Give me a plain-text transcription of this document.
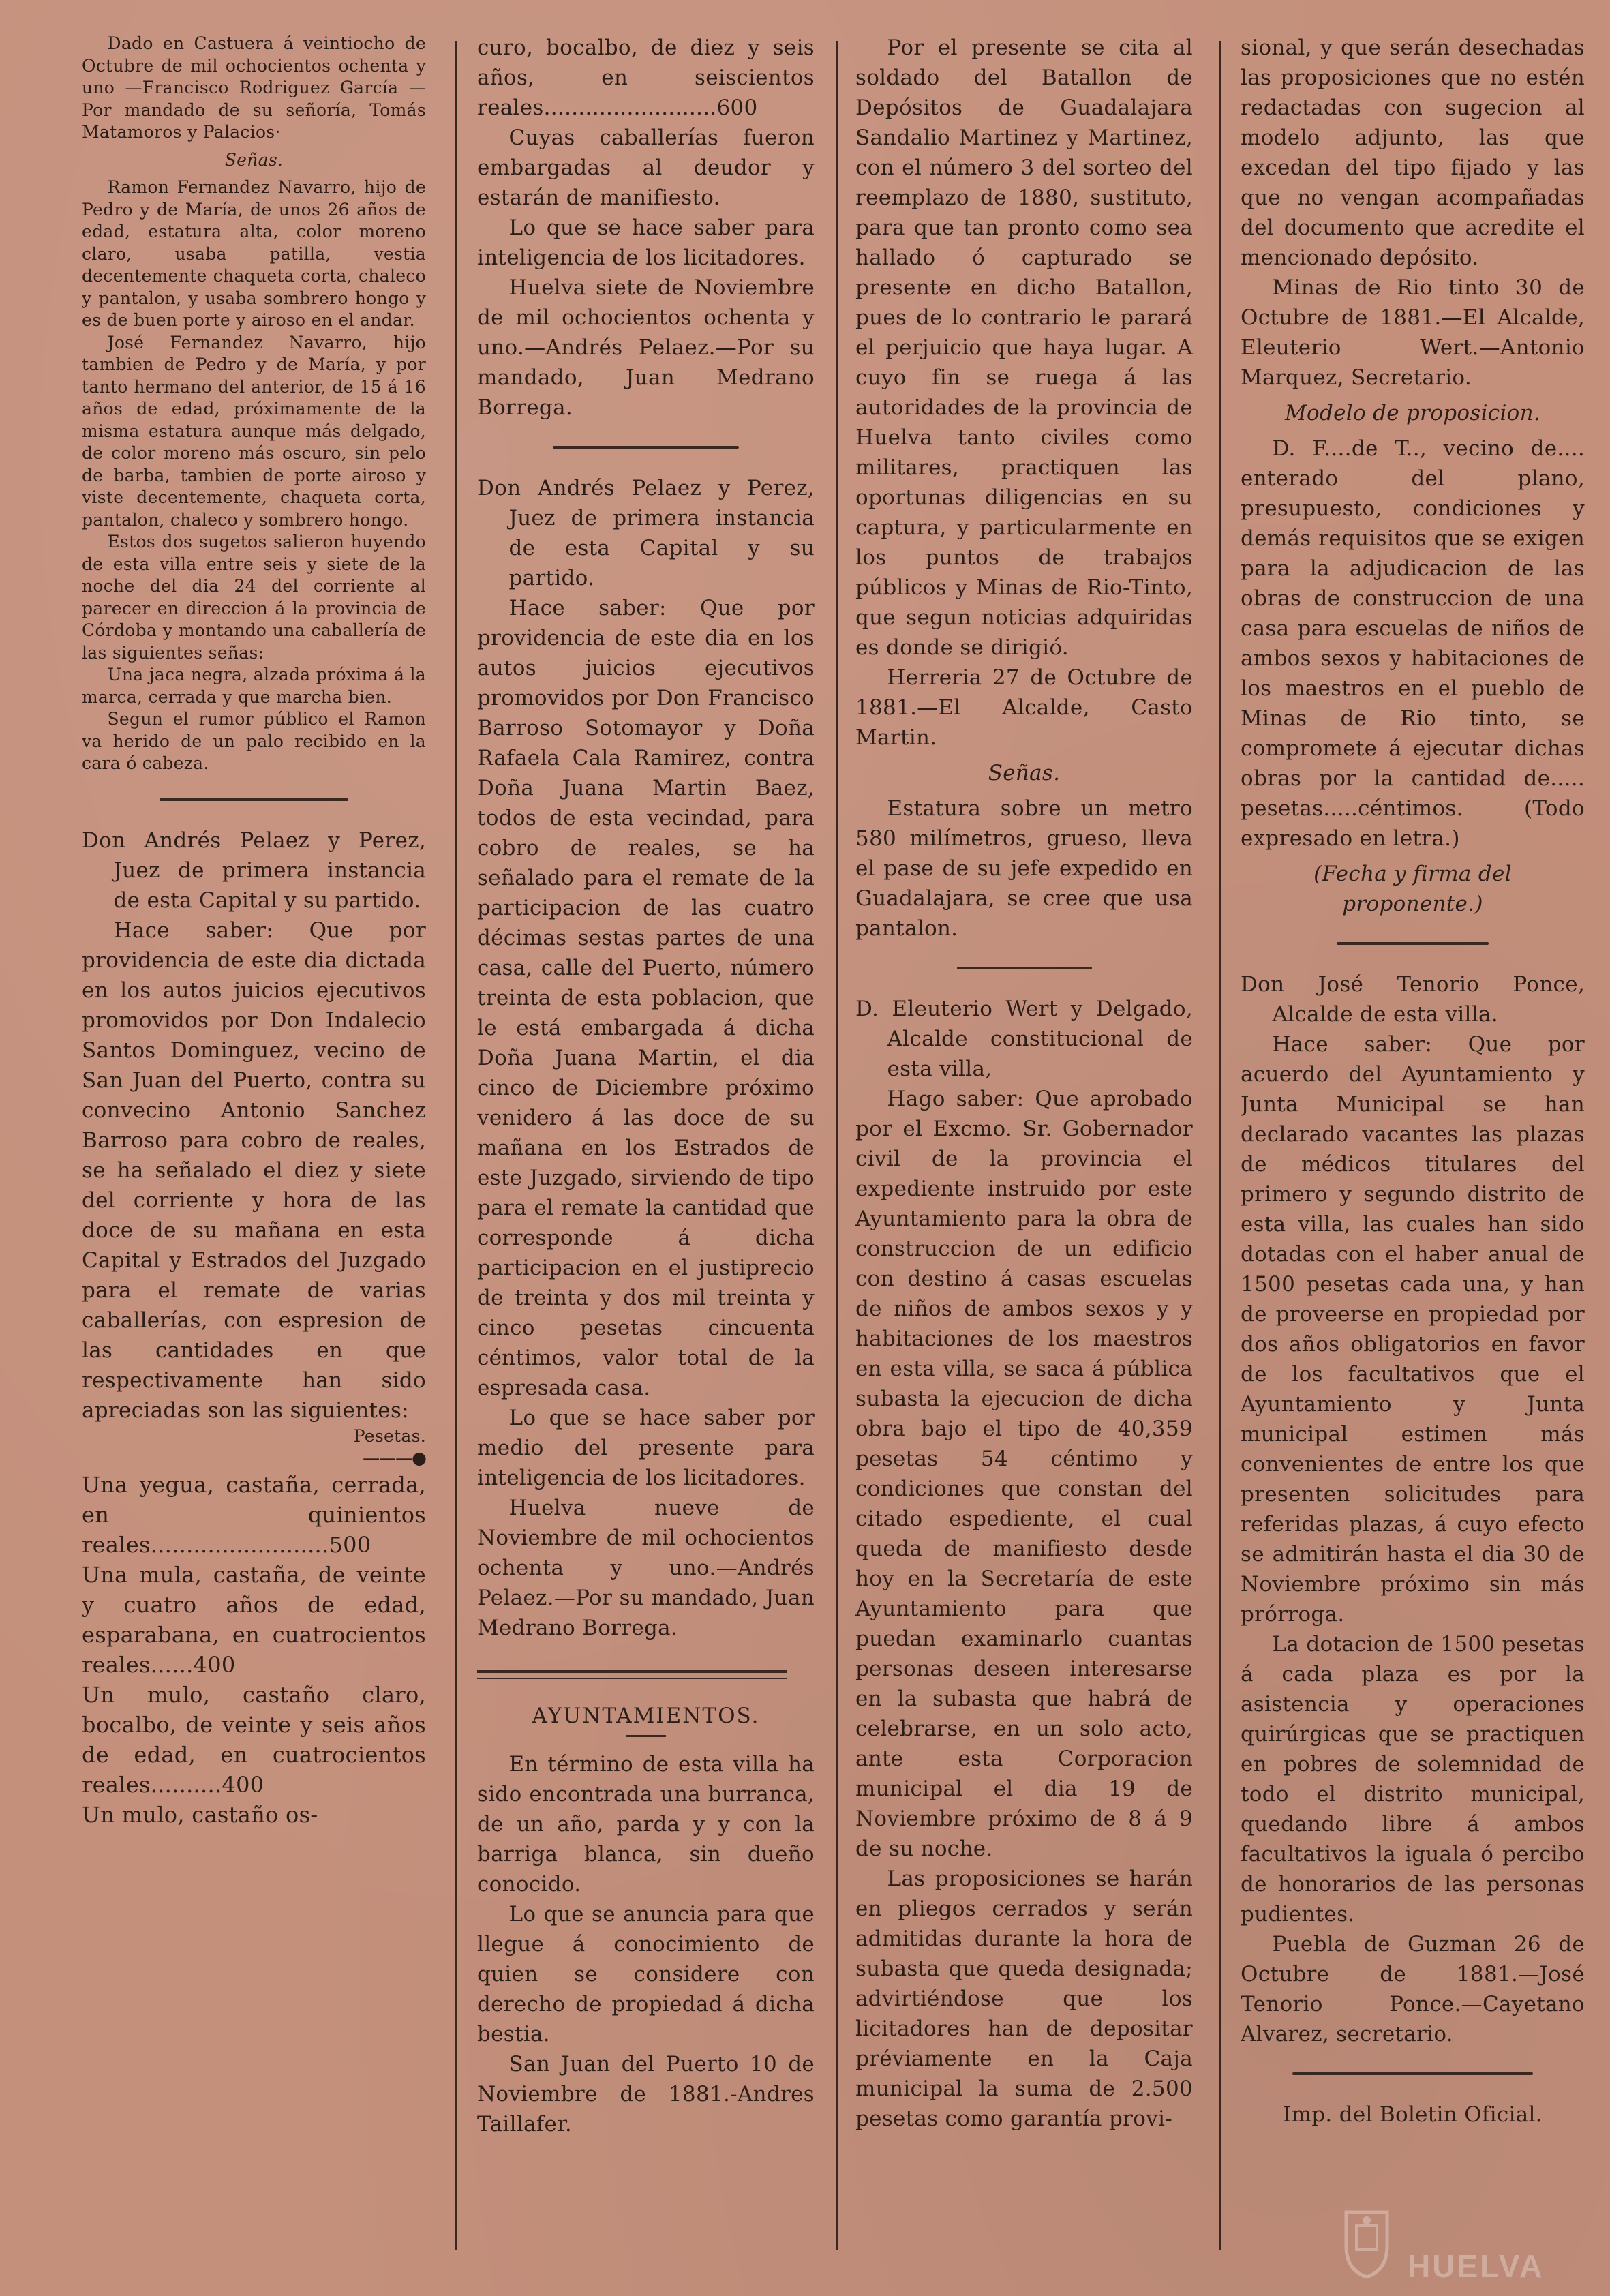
Dado en Castuera á veintiocho de Octubre de mil ochocientos ochenta y uno —Francisco Rodriguez García —Por mandado de su señoría, Tomás Matamoros y Palacios·

Señas.

Ramon Fernandez Navarro, hijo de Pedro y de María, de unos 26 años de edad, estatura alta, color moreno claro, usaba patilla, vestia decentemente chaqueta corta, chaleco y pantalon, y usaba sombrero hongo y es de buen porte y airoso en el andar.

José Fernandez Navarro, hijo tambien de Pedro y de María, y por tanto hermano del anterior, de 15 á 16 años de edad, próximamente de la misma estatura aunque más delgado, de color moreno más oscuro, sin pelo de barba, tambien de porte airoso y viste decentemente, chaqueta corta, pantalon, chaleco y sombrero hongo.

Estos dos sugetos salieron huyendo de esta villa entre seis y siete de la noche del dia 24 del corriente al parecer en direccion á la provincia de Córdoba y montando una caballería de las siguientes señas:

Una jaca negra, alzada próxima á la marca, cerrada y que marcha bien.

Segun el rumor público el Ramon va herido de un palo recibido en la cara ó cabeza.

Don Andrés Pelaez y Perez, Juez de primera instancia de esta Capital y su partido.

Hace saber: Que por providencia de este dia dictada en los autos juicios ejecutivos promovidos por Don Indalecio Santos Dominguez, vecino de San Juan del Puerto, contra su convecino Antonio Sanchez Barroso para cobro de reales, se ha señalado el diez y siete del corriente y hora de las doce de su mañana en esta Capital y Estrados del Juzgado para el remate de varias caballerías, con espresion de las cantidades en que respectivamente han sido apreciadas son las siguientes:

Pesetas.

———●

Una yegua, castaña, cerrada, en quinientos reales.........................500

Una mula, castaña, de veinte y cuatro años de edad, esparabana, en cuatrocientos reales......400

Un mulo, castaño claro, bocalbo, de veinte y seis años de edad, en cuatrocientos reales..........400

Un mulo, castaño os-

curo, bocalbo, de diez y seis años, en seiscientos reales.........................600

Cuyas caballerías fueron embargadas al deudor y estarán de manifiesto.

Lo que se hace saber para inteligencia de los licitadores.

Huelva siete de Noviembre de mil ochocientos ochenta y uno.—Andrés Pelaez.—Por su mandado, Juan Medrano Borrega.

Don Andrés Pelaez y Perez, Juez de primera instancia de esta Capital y su partido.

Hace saber: Que por providencia de este dia en los autos juicios ejecutivos promovidos por Don Francisco Barroso Sotomayor y Doña Rafaela Cala Ramirez, contra Doña Juana Martin Baez, todos de esta vecindad, para cobro de reales, se ha señalado para el remate de la participacion de las cuatro décimas sestas partes de una casa, calle del Puerto, número treinta de esta poblacion, que le está embargada á dicha Doña Juana Martin, el dia cinco de Diciembre próximo venidero á las doce de su mañana en los Estrados de este Juzgado, sirviendo de tipo para el remate la cantidad que corresponde á dicha participacion en el justiprecio de treinta y dos mil treinta y cinco pesetas cincuenta céntimos, valor total de la espresada casa.

Lo que se hace saber por medio del presente para inteligencia de los licitadores.

Huelva nueve de Noviembre de mil ochocientos ochenta y uno.—Andrés Pelaez.—Por su mandado, Juan Medrano Borrega.

AYUNTAMIENTOS.

En término de esta villa ha sido encontrada una burranca, de un año, parda y y con la barriga blanca, sin dueño conocido.

Lo que se anuncia para que llegue á conocimiento de quien se considere con derecho de propiedad á dicha bestia.

San Juan del Puerto 10 de Noviembre de 1881.-Andres Taillafer.

Por el presente se cita al soldado del Batallon de Depósitos de Guadalajara Sandalio Martinez y Martinez, con el número 3 del sorteo del reemplazo de 1880, sustituto, para que tan pronto como sea hallado ó capturado se presente en dicho Batallon, pues de lo contrario le parará el perjuicio que haya lugar. A cuyo fin se ruega á las autoridades de la provincia de Huelva tanto civiles como militares, practiquen las oportunas diligencias en su captura, y particularmente en los puntos de trabajos públicos y Minas de Rio-Tinto, que segun noticias adquiridas es donde se dirigió.

Herreria 27 de Octubre de 1881.—El Alcalde, Casto Martin.

Señas.

Estatura sobre un metro 580 milímetros, grueso, lleva el pase de su jefe expedido en Guadalajara, se cree que usa pantalon.

D. Eleuterio Wert y Delgado, Alcalde constitucional de esta villa,

Hago saber: Que aprobado por el Excmo. Sr. Gobernador civil de la provincia el expediente instruido por este Ayuntamiento para la obra de construccion de un edificio con destino á casas escuelas de niños de ambos sexos y y habitaciones de los maestros en esta villa, se saca á pública subasta la ejecucion de dicha obra bajo el tipo de 40,359 pesetas 54 céntimo y condiciones que constan del citado espediente, el cual queda de manifiesto desde hoy en la Secretaría de este Ayuntamiento para que puedan examinarlo cuantas personas deseen interesarse en la subasta que habrá de celebrarse, en un solo acto, ante esta Corporacion municipal el dia 19 de Noviembre próximo de 8 á 9 de su noche.

Las proposiciones se harán en pliegos cerrados y serán admitidas durante la hora de subasta que queda designada; advirtiéndose que los licitadores han de depositar préviamente en la Caja municipal la suma de 2.500 pesetas como garantía provi-

sional, y que serán desechadas las proposiciones que no estén redactadas con sugecion al modelo adjunto, las que excedan del tipo fijado y las que no vengan acompañadas del documento que acredite el mencionado depósito.

Minas de Rio tinto 30 de Octubre de 1881.—El Alcalde, Eleuterio Wert.—Antonio Marquez, Secretario.

Modelo de proposicion.

D. F....de T.., vecino de.... enterado del plano, presupuesto, condiciones y demás requisitos que se exigen para la adjudicacion de las obras de construccion de una casa para escuelas de niños de ambos sexos y habitaciones de los maestros en el pueblo de Minas de Rio tinto, se compromete á ejecutar dichas obras por la cantidad de..... pesetas.....céntimos. (Todo expresado en letra.)

(Fecha y firma del proponente.)

Don José Tenorio Ponce, Alcalde de esta villa.

Hace saber: Que por acuerdo del Ayuntamiento y Junta Municipal se han declarado vacantes las plazas de médicos titulares del primero y segundo distrito de esta villa, las cuales han sido dotadas con el haber anual de 1500 pesetas cada una, y han de proveerse en propiedad por dos años obligatorios en favor de los facultativos que el Ayuntamiento y Junta municipal estimen más convenientes de entre los que presenten solicitudes para referidas plazas, á cuyo efecto se admitirán hasta el dia 30 de Noviembre próximo sin más prórroga.

La dotacion de 1500 pesetas á cada plaza es por la asistencia y operaciones quirúrgicas que se practiquen en pobres de solemnidad de todo el distrito municipal, quedando libre á ambos facultativos la iguala ó percibo de honorarios de las personas pudientes.

Puebla de Guzman 26 de Octubre de 1881.—José Tenorio Ponce.—Cayetano Alvarez, secretario.

Imp. del Boletin Oficial.

HUELVA
